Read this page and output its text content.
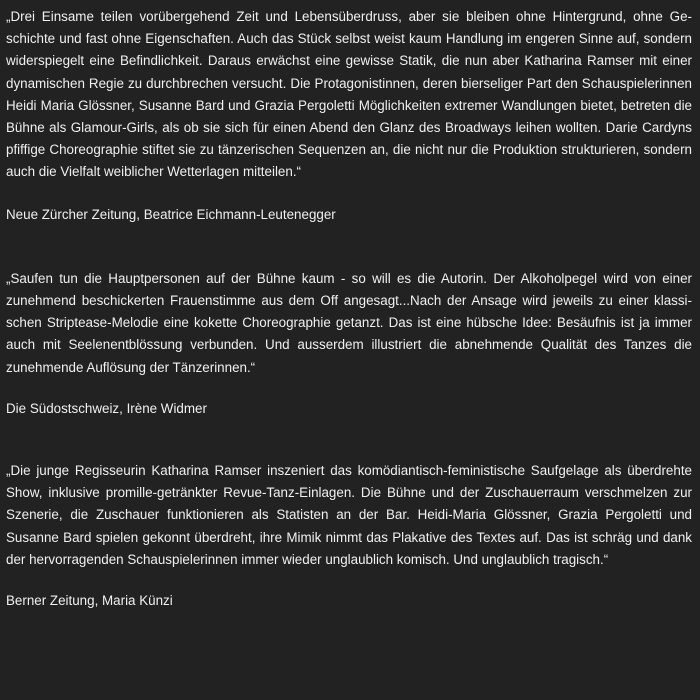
„Drei Einsame teilen vorübergehend Zeit und Lebensüberdruss, aber sie bleiben ohne Hintergrund, ohne Geschichte und fast ohne Eigenschaften. Auch das Stück selbst weist kaum Handlung im engeren Sinne auf, sondern widerspiegelt eine Befindlichkeit. Daraus erwächst eine gewisse Statik, die nun aber Katharina Ramser mit einer dynamischen Regie zu durchbrechen versucht. Die Protagonistinnen, deren bierseliger Part den Schauspielerinnen Heidi Maria Glössner, Susanne Bard und Grazia Pergoletti Möglichkeiten extremer Wandlungen bietet, betreten die Bühne als Glamour-Girls, als ob sie sich für einen Abend den Glanz des Broadways leihen wollten. Darie Cardyns pfiffige Choreographie stiftet sie zu tänzerischen Sequenzen an, die nicht nur die Produktion strukturieren, sondern auch die Vielfalt weiblicher Wetterlagen mitteilen.“

Neue Zürcher Zeitung, Beatrice Eichmann-Leutenegger

„Saufen tun die Hauptpersonen auf der Bühne kaum - so will es die Autorin. Der Alkoholpegel wird von einer zunehmend beschickerten Frauenstimme aus dem Off angesagt...Nach der Ansage wird jeweils zu einer klassischen Striptease-Melodie eine kokette Choreographie getanzt. Das ist eine hübsche Idee: Besäufnis ist ja immer auch mit Seelenentblössung verbunden. Und ausserdem illustriert die abnehmende Qualität des Tanzes die zunehmende Auflösung der Tänzerinnen.“

Die Südostschweiz, Irène Widmer

„Die junge Regisseurin Katharina Ramser inszeniert das komödiantisch-feministische Saufgelage als überdrehte Show, inklusive promille-getränkter Revue-Tanz-Einlagen. Die Bühne und der Zuschauerraum verschmelzen zur Szenerie, die Zuschauer funktionieren als Statisten an der Bar. Heidi-Maria Glössner, Grazia Pergoletti und Susanne Bard spielen gekonnt überdreht, ihre Mimik nimmt das Plakative des Textes auf. Das ist schräg und dank der hervorragenden Schauspielerinnen immer wieder unglaublich komisch. Und unglaublich tragisch.“

Berner Zeitung, Maria Künzi
